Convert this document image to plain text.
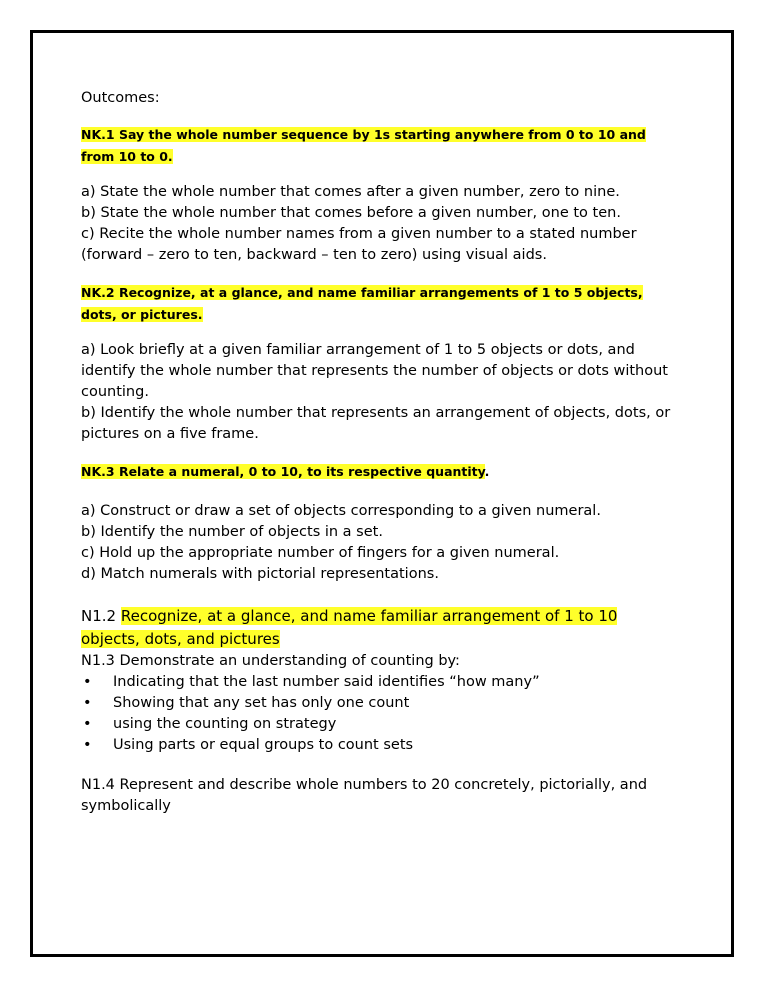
Outcomes:

NK.1 Say the whole number sequence by 1s starting anywhere from 0 to 10 and from 10 to 0.

a) State the whole number that comes after a given number, zero to nine.

b) State the whole number that comes before a given number, one to ten.

c) Recite the whole number names from a given number to a stated number (forward – zero to ten, backward – ten to zero) using visual aids.

NK.2 Recognize, at a glance, and name familiar arrangements of 1 to 5 objects, dots, or pictures.

a) Look briefly at a given familiar arrangement of 1 to 5 objects or dots, and identify the whole number that represents the number of objects or dots without counting.

b) Identify the whole number that represents an arrangement of objects, dots, or pictures on a five frame.

NK.3 Relate a numeral, 0 to 10, to its respective quantity.

a) Construct or draw a set of objects corresponding to a given numeral.

b) Identify the number of objects in a set.

c) Hold up the appropriate number of fingers for a given numeral.

d) Match numerals with pictorial representations.

N1.2 Recognize, at a glance, and name familiar arrangement of 1 to 10 objects, dots, and pictures

N1.3 Demonstrate an understanding of counting by:

• Indicating that the last number said identifies “how many”
• Showing that any set has only one count
• using the counting on strategy
• Using parts or equal groups to count sets

N1.4 Represent and describe whole numbers to 20 concretely, pictorially, and symbolically
